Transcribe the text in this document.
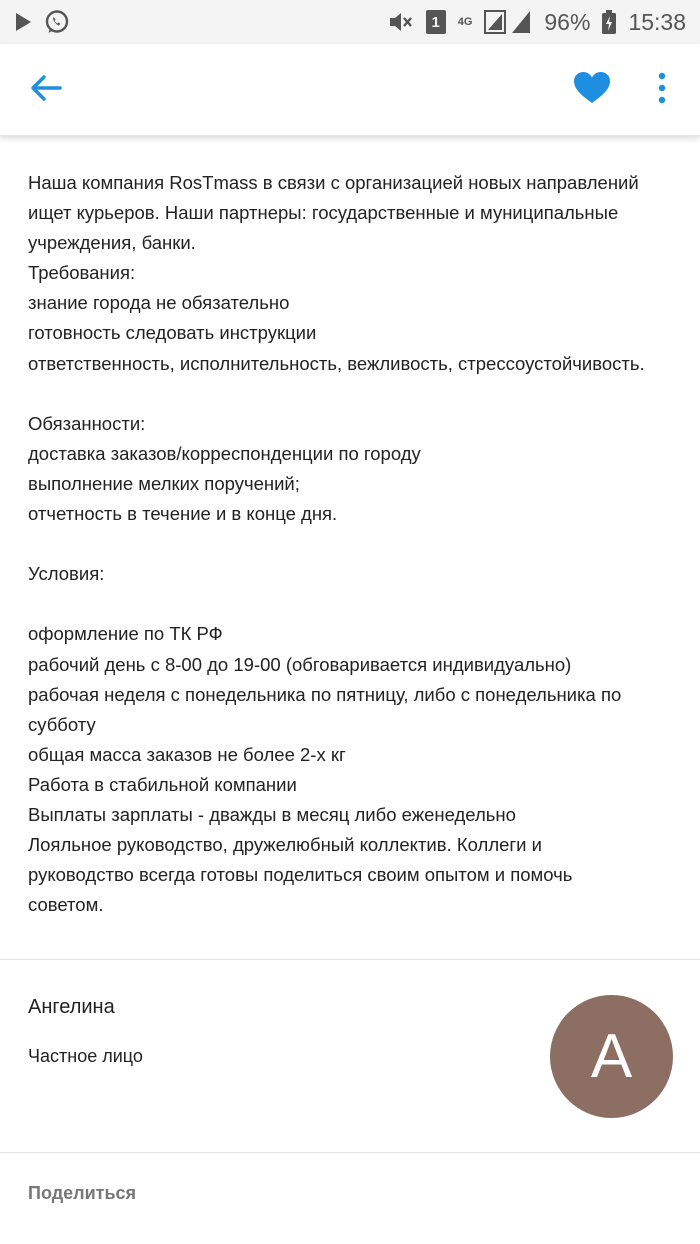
1	4G	96% 15:38

Наша компания RosTmass в связи с организацией новых направлений

ищет курьеров. Наши партнеры: государственные и муниципальные

учреждения, банки.

Требования:

знание города не обязательно

готовность следовать инструкции

ответственность, исполнительность, вежливость, стрессоустойчивость.

Обязанности:

доставка заказов/корреспонденции по городу

выполнение мелких поручений;

отчетность в течение и в конце дня.

Условия:

оформление по ТК РФ

рабочий день с 8-00 до 19-00 (обговаривается индивидуально)

рабочая неделя с понедельника по пятницу, либо с понедельника по

субботу

общая масса заказов не более 2-х кг

Работа в стабильной компании

Выплаты зарплаты - дважды в месяц либо еженедельно

Лояльное руководство, дружелюбный коллектив. Коллеги и

руководство всегда готовы поделиться своим опытом и помочь

советом.

Ангелина
Частное лицо	А
Поделиться
